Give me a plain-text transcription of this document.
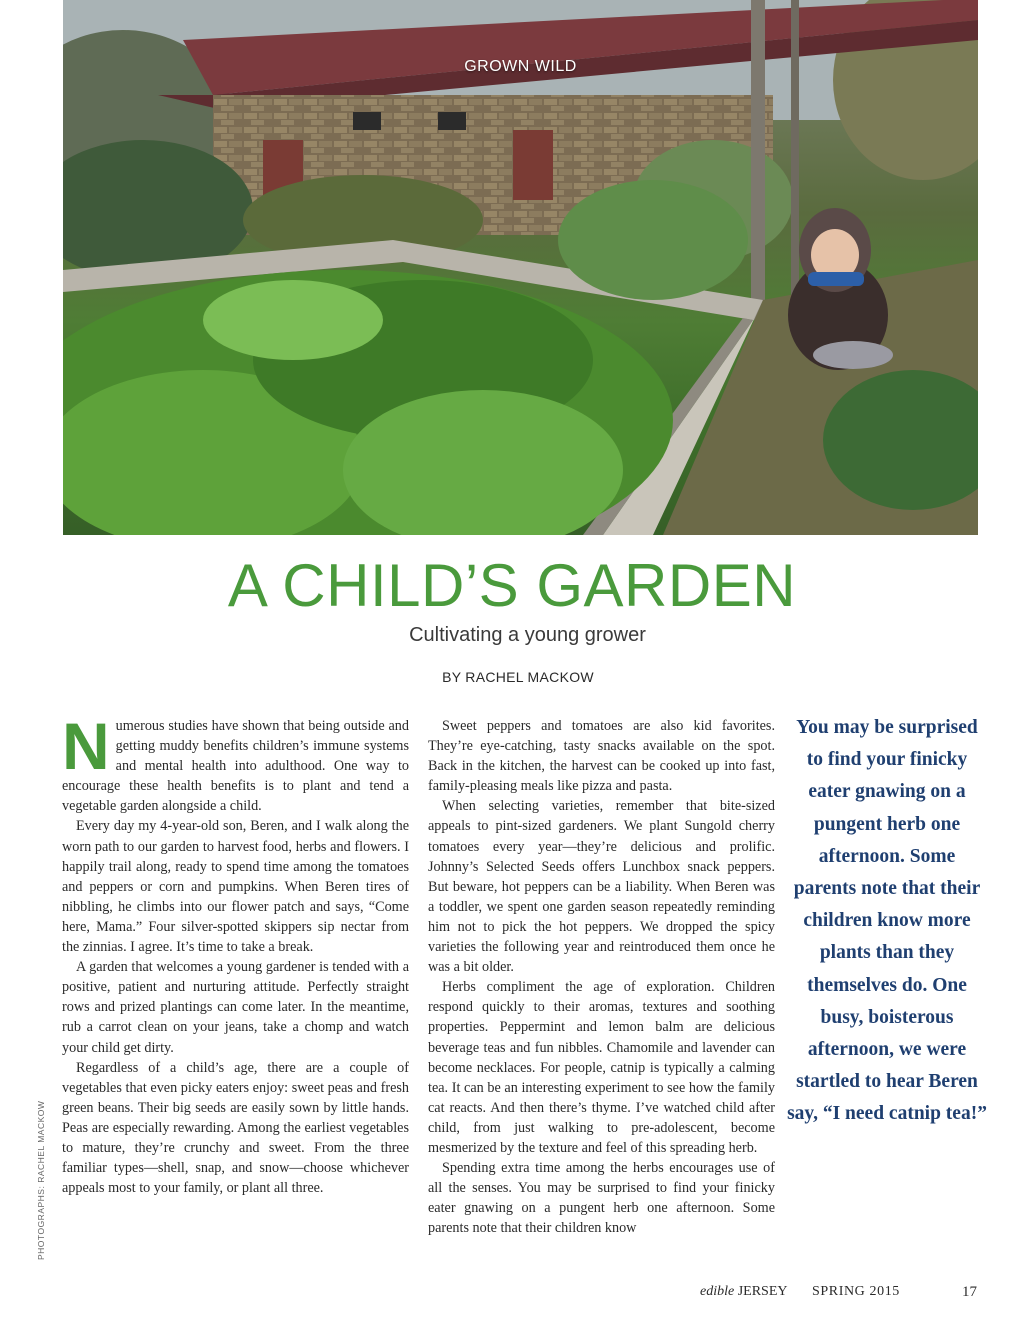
GROWN WILD
A CHILD’S GARDEN
Cultivating a young grower
BY RACHEL MACKOW

Numerous studies have shown that being outside and getting muddy benefits children’s immune systems and mental health into adulthood. One way to encourage these health benefits is to plant and tend a vegetable garden alongside a child.

Every day my 4-year-old son, Beren, and I walk along the worn path to our garden to harvest food, herbs and flowers. I happily trail along, ready to spend time among the tomatoes and peppers or corn and pumpkins. When Beren tires of nibbling, he climbs into our flower patch and says, “Come here, Mama.” Four silver-spotted skippers sip nectar from the zinnias. I agree. It’s time to take a break.

A garden that welcomes a young gardener is tended with a positive, patient and nurturing attitude. Perfectly straight rows and prized plantings can come later. In the meantime, rub a carrot clean on your jeans, take a chomp and watch your child get dirty.

Regardless of a child’s age, there are a couple of vegetables that even picky eaters enjoy: sweet peas and fresh green beans. Their big seeds are easily sown by little hands. Peas are especially rewarding. Among the earliest vegetables to mature, they’re crunchy and sweet. From the three familiar types—shell, snap, and snow—choose whichever appeals most to your family, or plant all three.

Sweet peppers and tomatoes are also kid favorites. They’re eye-catching, tasty snacks available on the spot. Back in the kitchen, the harvest can be cooked up into fast, family-pleasing meals like pizza and pasta.

When selecting varieties, remember that bite-sized appeals to pint-sized gardeners. We plant Sungold cherry tomatoes every year—they’re delicious and prolific. Johnny’s Selected Seeds offers Lunchbox snack peppers. But beware, hot peppers can be a liability. When Beren was a toddler, we spent one garden season repeatedly reminding him not to pick the hot peppers. We dropped the spicy varieties the following year and reintroduced them once he was a bit older.

Herbs compliment the age of exploration. Children respond quickly to their aromas, textures and soothing properties. Peppermint and lemon balm are delicious beverage teas and fun nibbles. Chamomile and lavender can become necklaces. For people, catnip is typically a calming tea. It can be an interesting experiment to see how the family cat reacts. And then there’s thyme. I’ve watched child after child, from just walking to pre-adolescent, become mesmerized by the texture and feel of this spreading herb.

Spending extra time among the herbs encourages use of all the senses. You may be surprised to find your finicky eater gnawing on a pungent herb one afternoon. Some parents note that their children know

You may be surprised to find your finicky eater gnawing on a pungent herb one afternoon. Some parents note that their children know more plants than they themselves do. One busy, boisterous afternoon, we were startled to hear Beren say, “I need catnip tea!”
PHOTOGRAPHS: RACHEL MACKOW
edible JERSEY SPRING 2015	17
